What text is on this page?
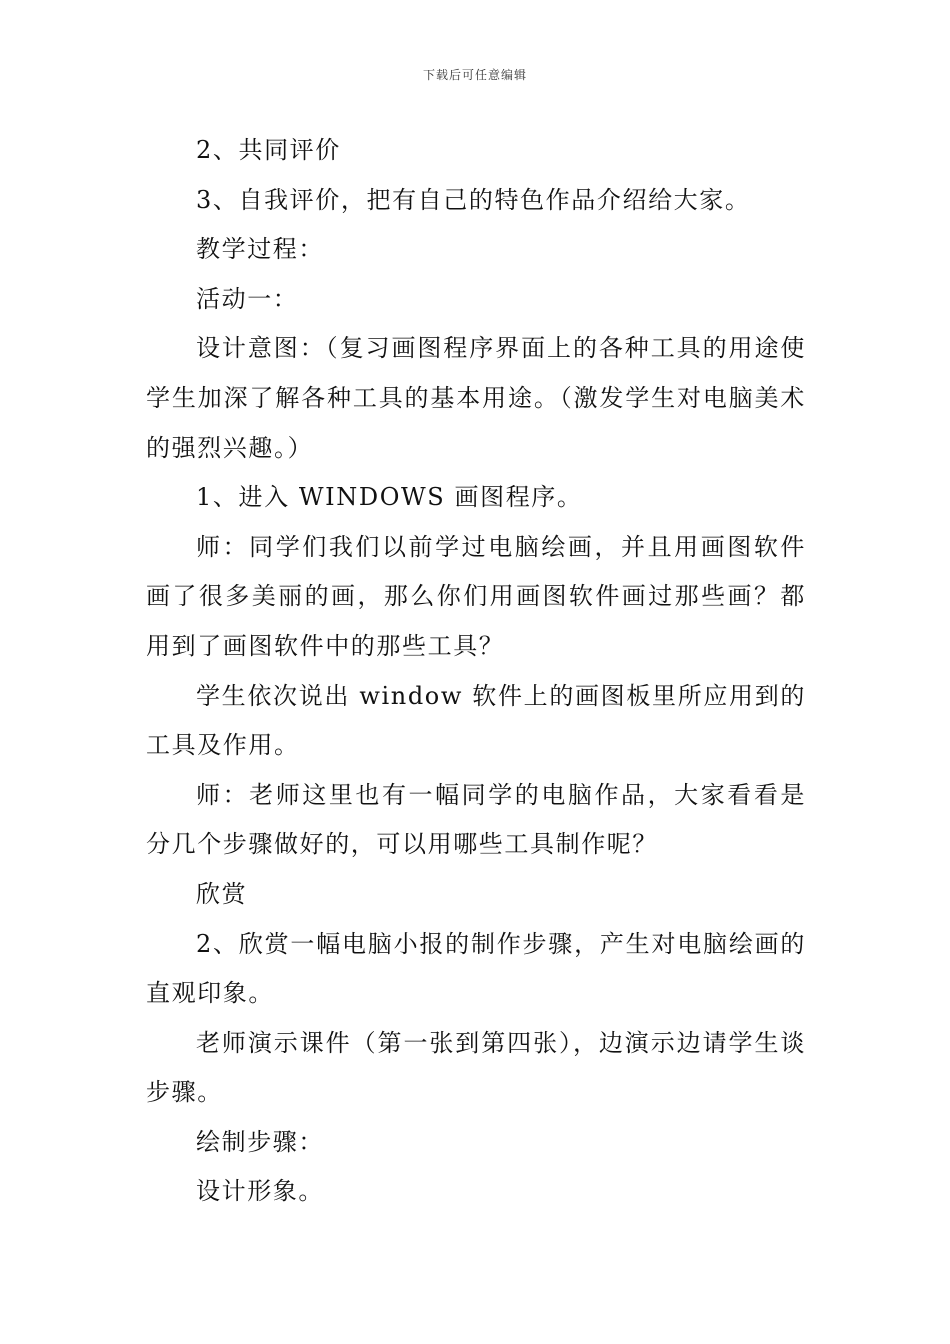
下载后可任意编辑

2、共同评价

3、自我评价，把有自己的特色作品介绍给大家。

教学过程：

活动一：

设计意图：（复习画图程序界面上的各种工具的用途使学生加深了解各种工具的基本用途。（激发学生对电脑美术的强烈兴趣。）

1、进入 WINDOWS 画图程序。

师：同学们我们以前学过电脑绘画，并且用画图软件画了很多美丽的画，那么你们用画图软件画过那些画？都用到了画图软件中的那些工具？

学生依次说出 window 软件上的画图板里所应用到的工具及作用。

师：老师这里也有一幅同学的电脑作品，大家看看是分几个步骤做好的，可以用哪些工具制作呢？

欣赏

2、欣赏一幅电脑小报的制作步骤，产生对电脑绘画的直观印象。

老师演示课件（第一张到第四张），边演示边请学生谈步骤。

绘制步骤：

设计形象。
